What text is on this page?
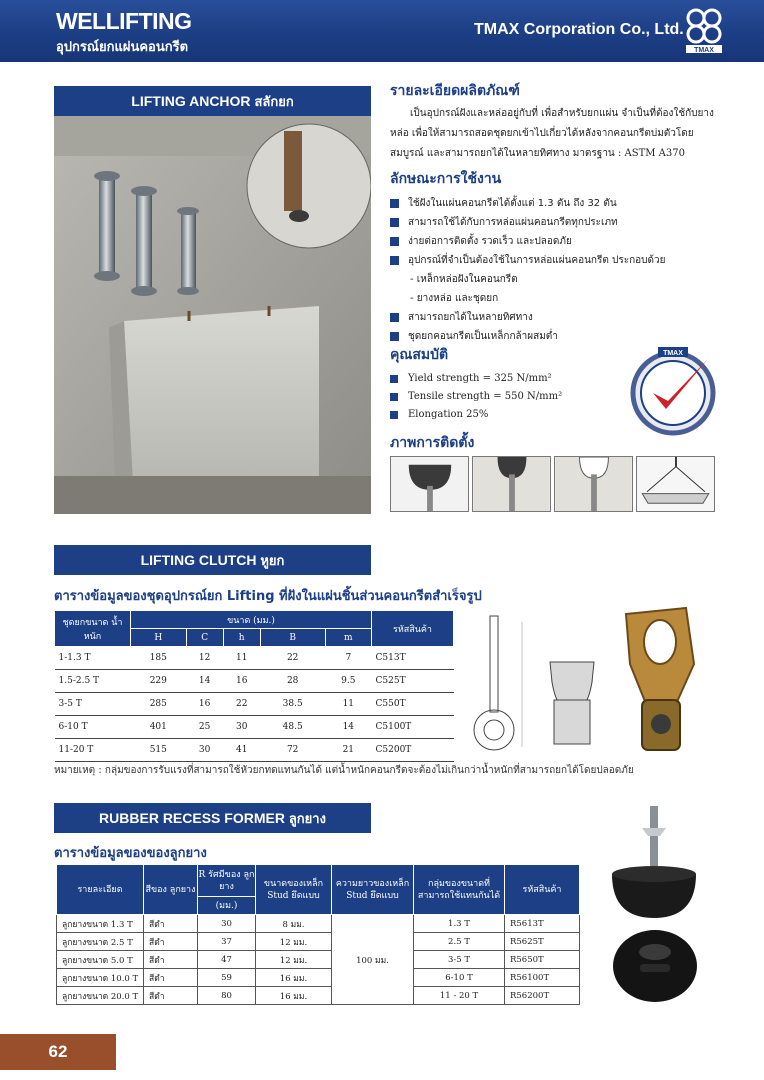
WELLIFTING
อุปกรณ์ยกแผ่นคอนกรีต
TMAX Corporation Co., Ltd.
TMAX
LIFTING ANCHOR สลักยก
รายละเอียดผลิตภัณฑ์

เป็นอุปกรณ์ฝังและหล่ออยู่กับที่ เพื่อสำหรับยกแผ่น จำเป็นที่ต้องใช้กับยางหล่อ เพื่อให้สามารถสอดชุดยกเข้าไปเกี่ยวได้หลังจากคอนกรีตบ่มตัวโดยสมบูรณ์ และสามารถยกได้ในหลายทิศทาง มาตรฐาน : ASTM A370

ลักษณะการใช้งาน
ใช้ฝังในแผ่นคอนกรีตได้ตั้งแต่ 1.3 ตัน ถึง 32 ตัน
สามารถใช้ได้กับการหล่อแผ่นคอนกรีตทุกประเภท
ง่ายต่อการติดตั้ง รวดเร็ว และปลอดภัย
อุปกรณ์ที่จำเป็นต้องใช้ในการหล่อแผ่นคอนกรีต ประกอบด้วย
- เหล็กหล่อฝังในคอนกรีต
- ยางหล่อ และชุดยก
สามารถยกได้ในหลายทิศทาง
ชุดยกคอนกรีตเป็นเหล็กกล้าผสมต่ำ
คุณสมบัติ
Yield strength = 325 N/mm²
Tensile strength = 550 N/mm²
Elongation 25%
TMAX
ภาพการติดตั้ง
LIFTING CLUTCH หูยก
ตารางข้อมูลของชุดอุปกรณ์ยก Lifting ที่ฝังในแผ่นชิ้นส่วนคอนกรีตสำเร็จรูป
ชุดยกขนาด น้ำหนัก	ขนาด (มม.)					รหัสสินค้า
	H	C	h	B	m	
1-1.3 T	185	12	11	22	7	C513T
1.5-2.5 T	229	14	16	28	9.5	C525T
3-5 T	285	16	22	38.5	11	C550T
6-10 T	401	25	30	48.5	14	C5100T
11-20 T	515	30	41	72	21	C5200T
หมายเหตุ : กลุ่มของการรับแรงที่สามารถใช้หัวยกทดแทนกันได้ แต่น้ำหนักคอนกรีตจะต้องไม่เกินกว่าน้ำหนักที่สามารถยกได้โดยปลอดภัย
RUBBER RECESS FORMER ลูกยาง
ตารางข้อมูลของของลูกยาง
รายละเอียด	สีของ ลูกยาง	R รัศมีของ ลูกยาง	ขนาดของเหล็ก Stud ยึดแบบ	ความยาวของเหล็ก Stud ยึดแบบ	กลุ่มของขนาดที่ สามารถใช้แทนกันได้	รหัสสินค้า
		(มม.)				
ลูกยางขนาด 1.3 T	สีดำ	30	8 มม.	100 มม.	1.3 T	R5613T
ลูกยางขนาด 2.5 T	สีดำ	37	12 มม.		2.5 T	R5625T
ลูกยางขนาด 5.0 T	สีดำ	47	12 มม.		3-5 T	R5650T
ลูกยางขนาด 10.0 T	สีดำ	59	16 มม.		6-10 T	R56100T
ลูกยางขนาด 20.0 T	สีดำ	80	16 มม.		11 - 20 T	R56200T
62
